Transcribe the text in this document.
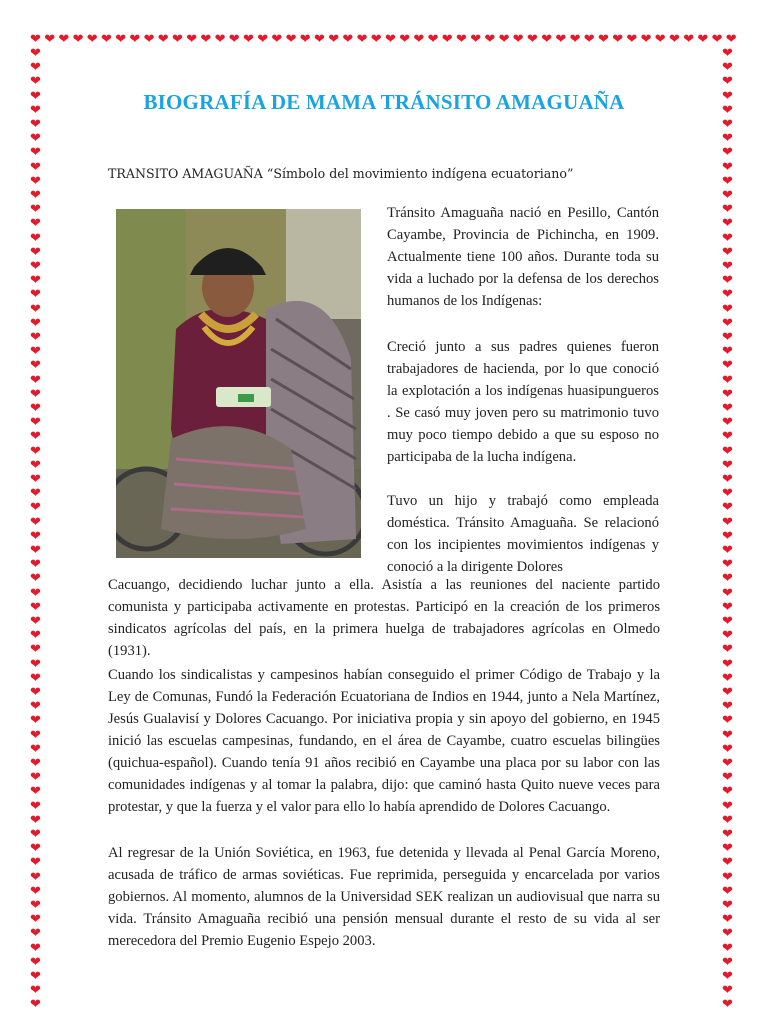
❤ ❤ ❤ ❤ ❤ ❤ ❤ ❤ ❤ ❤ ❤ ❤ ❤ ❤ ❤ ❤ ❤ ❤ ❤ ❤ ❤ ❤ ❤ ❤ ❤ ❤ ❤ ❤ ❤ ❤ ❤ ❤ ❤ ❤ ❤ ❤ ❤ ❤ ❤ ❤ ❤ ❤ ❤ ❤ ❤ ❤ ❤ ❤ ❤ ❤
❤	❤
❤	❤
❤	❤
❤	❤
❤	❤
❤	❤
❤	❤
❤	❤
❤	❤
❤	❤
❤	❤
❤	❤
❤	❤
❤	❤
❤	❤
❤	❤
❤	❤
❤	❤
❤	❤
❤	❤
❤	❤
❤	❤
❤	❤
❤	❤
❤	❤
❤	❤
❤	❤
❤	❤
❤	❤
❤	❤
❤	❤
❤	❤
❤	❤
❤	❤
❤	❤
❤	❤
❤	❤
❤	❤
❤	❤
❤	❤
❤	❤
❤	❤
❤	❤
❤	❤
❤	❤
❤	❤
❤	❤
❤	❤
❤	❤
❤	❤
❤	❤
❤	❤
❤	❤
❤	❤
❤	❤
❤	❤
❤	❤
❤	❤
❤	❤
❤	❤
❤	❤
❤	❤
❤	❤
❤	❤
❤	❤
❤	❤
❤	❤
❤	❤
BIOGRAFÍA DE MAMA TRÁNSITO AMAGUAÑA
TRANSITO AMAGUAÑA “Símbolo del movimiento indígena ecuatoriano”

Tránsito Amaguaña nació en Pesillo, Cantón Cayambe, Provincia de Pichincha, en 1909. Actualmente tiene 100 años. Durante toda su vida a luchado por la defensa de los derechos humanos de los Indígenas:

Creció junto a sus padres quienes fueron trabajadores de hacienda, por lo que conoció la explotación a los indígenas huasipungueros . Se casó muy joven pero su matrimonio tuvo muy poco tiempo debido a que su esposo no participaba de la lucha indígena.

Tuvo un hijo y trabajó como empleada doméstica. Tránsito Amaguaña. Se relacionó con los incipientes movimientos indígenas y conoció a la dirigente Dolores

Cacuango, decidiendo luchar junto a ella. Asistía a las reuniones del naciente partido comunista y participaba activamente en protestas. Participó en la creación de los primeros sindicatos agrícolas del país, en la primera huelga de trabajadores agrícolas en Olmedo (1931).

Cuando los sindicalistas y campesinos habían conseguido el primer Código de Trabajo y la Ley de Comunas, Fundó la Federación Ecuatoriana de Indios en 1944, junto a Nela Martínez, Jesús Gualavisí y Dolores Cacuango. Por iniciativa propia y sin apoyo del gobierno, en 1945 inició las escuelas campesinas, fundando, en el área de Cayambe, cuatro escuelas bilingües (quichua-español). Cuando tenía 91 años recibió en Cayambe una placa por su labor con las comunidades indígenas y al tomar la palabra, dijo: que caminó hasta Quito nueve veces para protestar, y que la fuerza y el valor para ello lo había aprendido de Dolores Cacuango.

Al regresar de la Unión Soviética, en 1963, fue detenida y llevada al Penal García Moreno, acusada de tráfico de armas soviéticas. Fue reprimida, perseguida y encarcelada por varios gobiernos. Al momento, alumnos de la Universidad SEK realizan un audiovisual que narra su vida. Tránsito Amaguaña recibió una pensión mensual durante el resto de su vida al ser merecedora del Premio Eugenio Espejo 2003.
